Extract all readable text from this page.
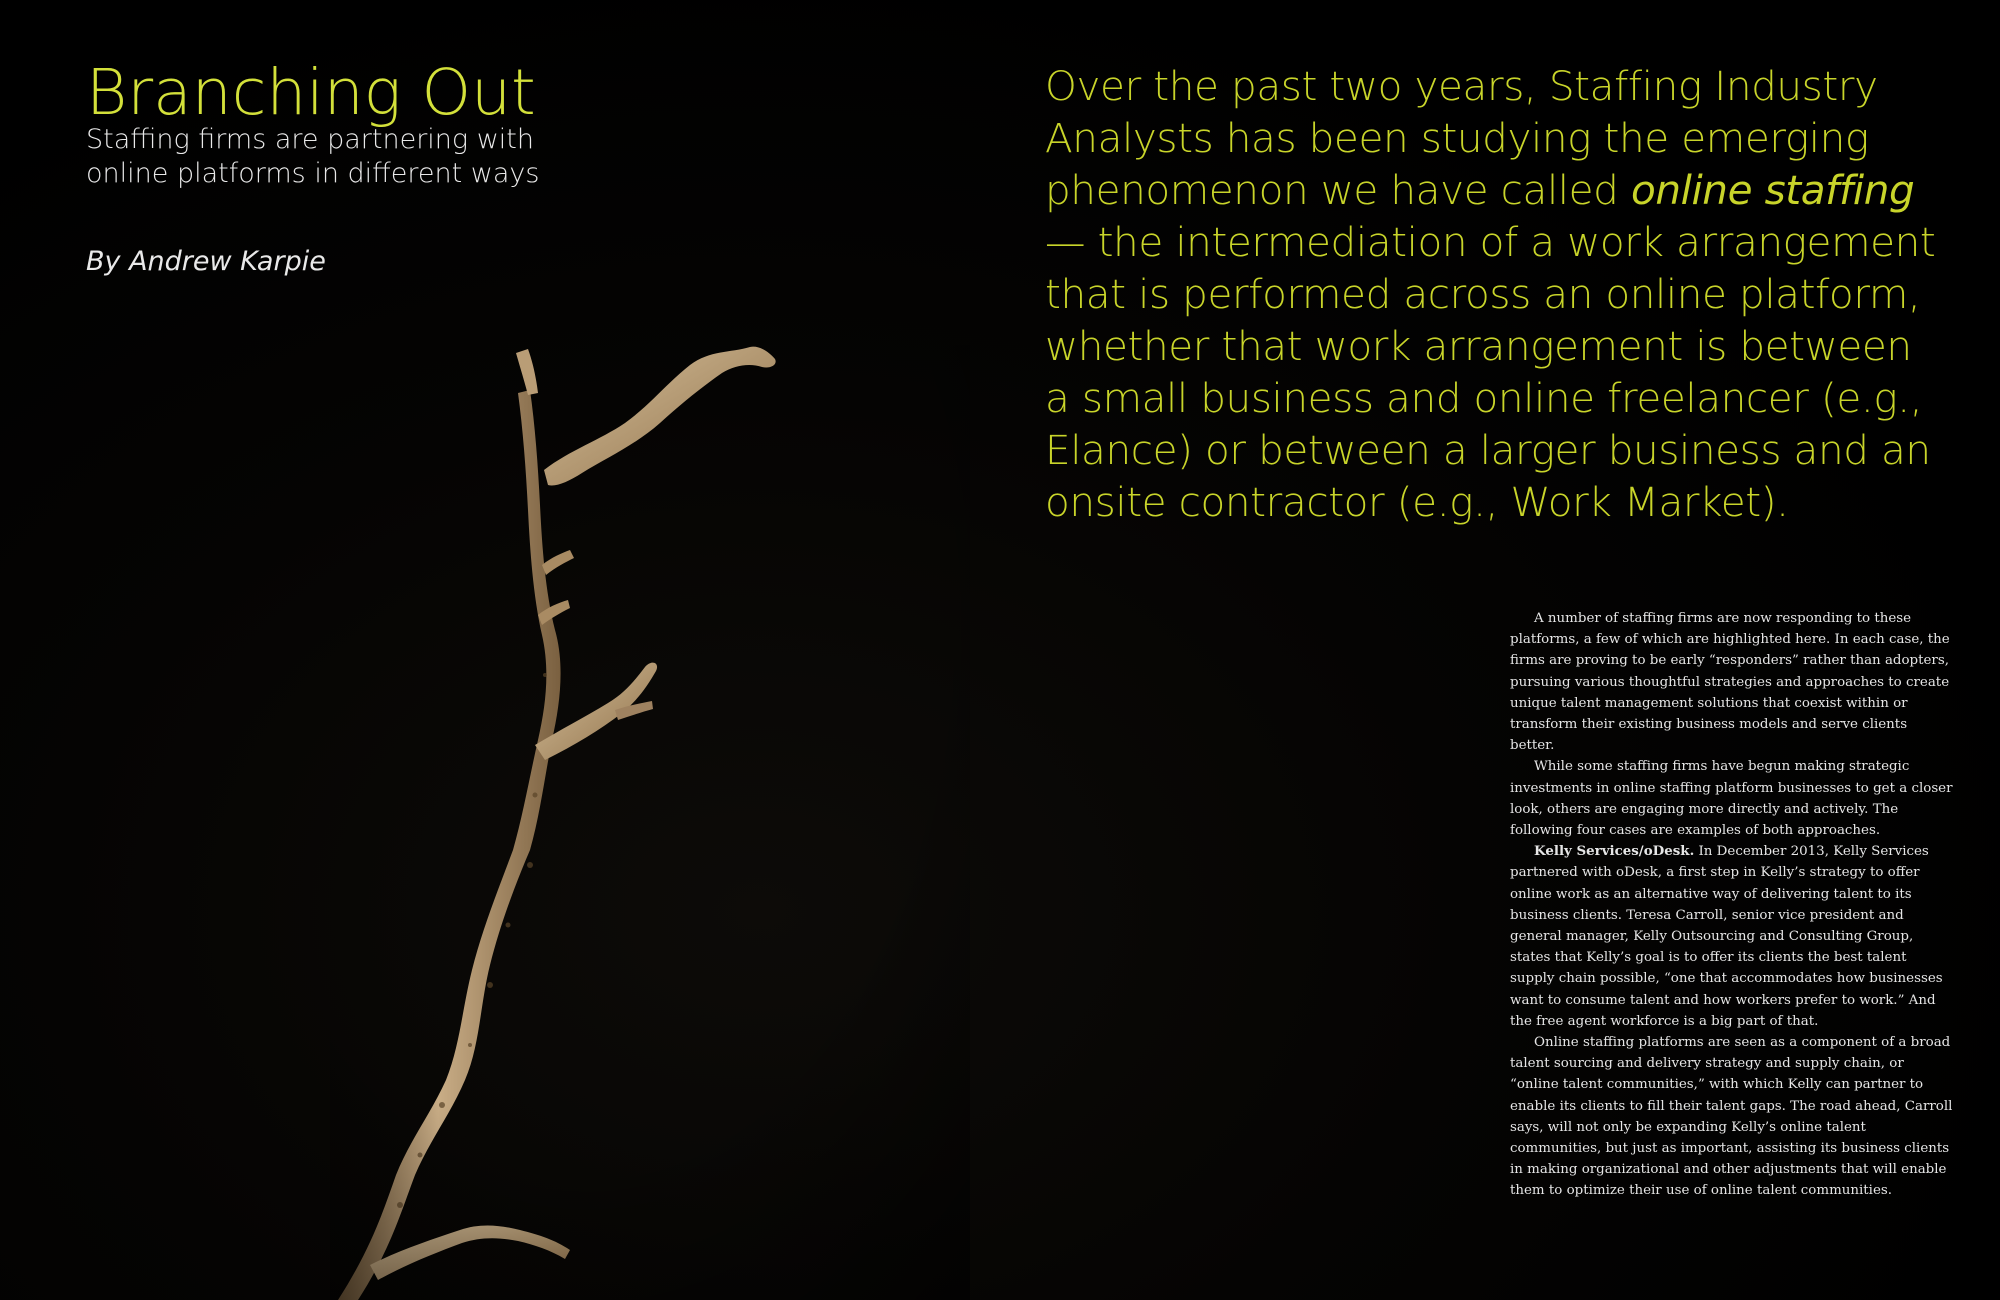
Branching Out
Staffing firms are partnering with
online platforms in different ways

By Andrew Karpie

Over the past two years, Staffing Industry
Analysts has been studying the emerging
phenomenon we have called online staffing
— the intermediation of a work arrangement
that is performed across an online platform,
whether that work arrangement is between
a small business and online freelancer (e.g.,
Elance) or between a larger business and an
onsite contractor (e.g., Work Market).

A number of staffing firms are now responding to these platforms, a few of which are highlighted here. In each case, the firms are proving to be early “responders” rather than adopters, pursuing various thoughtful strategies and approaches to create unique talent management solutions that coexist within or transform their existing business models and serve clients better.

While some staffing firms have begun making strategic investments in online staffing platform businesses to get a closer look, others are engaging more directly and actively. The following four cases are examples of both approaches.

Kelly Services/oDesk. In December 2013, Kelly Services partnered with oDesk, a first step in Kelly’s strategy to offer online work as an alternative way of delivering talent to its business clients. Teresa Carroll, senior vice president and general manager, Kelly Outsourcing and Consulting Group, states that Kelly’s goal is to offer its clients the best talent supply chain possible, “one that accommodates how businesses want to consume talent and how workers prefer to work.” And the free agent workforce is a big part of that.

Online staffing platforms are seen as a component of a broad talent sourcing and delivery strategy and supply chain, or “online talent communities,” with which Kelly can partner to enable its clients to fill their talent gaps. The road ahead, Carroll says, will not only be expanding Kelly’s online talent communities, but just as important, assisting its business clients in making organizational and other adjustments that will enable them to optimize their use of online talent communities.
